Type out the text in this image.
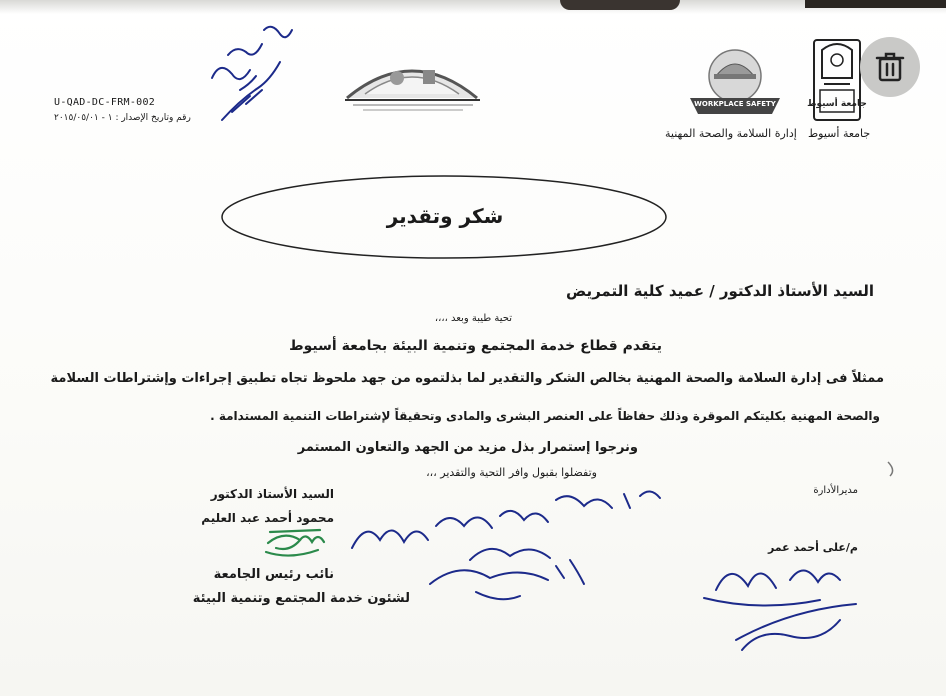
جامعة أسيوط
جامعة أسيوط
WORKPLACE SAFETY
إدارة السلامة والصحة المهنية
U-QAD-DC-FRM-002
رقم وتاريخ الإصدار : ١ - ٢٠١٥/٠٥/٠١
شكر وتقدير
السيد الأستاذ الدكتور / عميد كلية التمريض
تحية طيبة وبعد ،،،،
يتقدم قطاع خدمة المجتمع وتنمية البيئة بجامعة أسيوط
ممثلاً فى إدارة السلامة والصحة المهنية بخالص الشكر والتقدير لما بذلتموه من جهد ملحوظ تجاه تطبيق إجراءات وإشتراطات السلامة
والصحة المهنية بكليتكم الموقرة وذلك حفاظاً على العنصر البشرى والمادى وتحقيقاً لإشتراطات التنمية المستدامة .
ونرجوا إستمرار بذل مزيد من الجهد والتعاون المستمر
وتفضلوا بقبول وافر التحية والتقدير ،،،
السيد الأستاذ الدكتور
محمود أحمد عبد العليم
نائب رئيس الجامعة
لشئون خدمة المجتمع وتنمية البيئة
مديرالأدارة
م/على أحمد عمر
